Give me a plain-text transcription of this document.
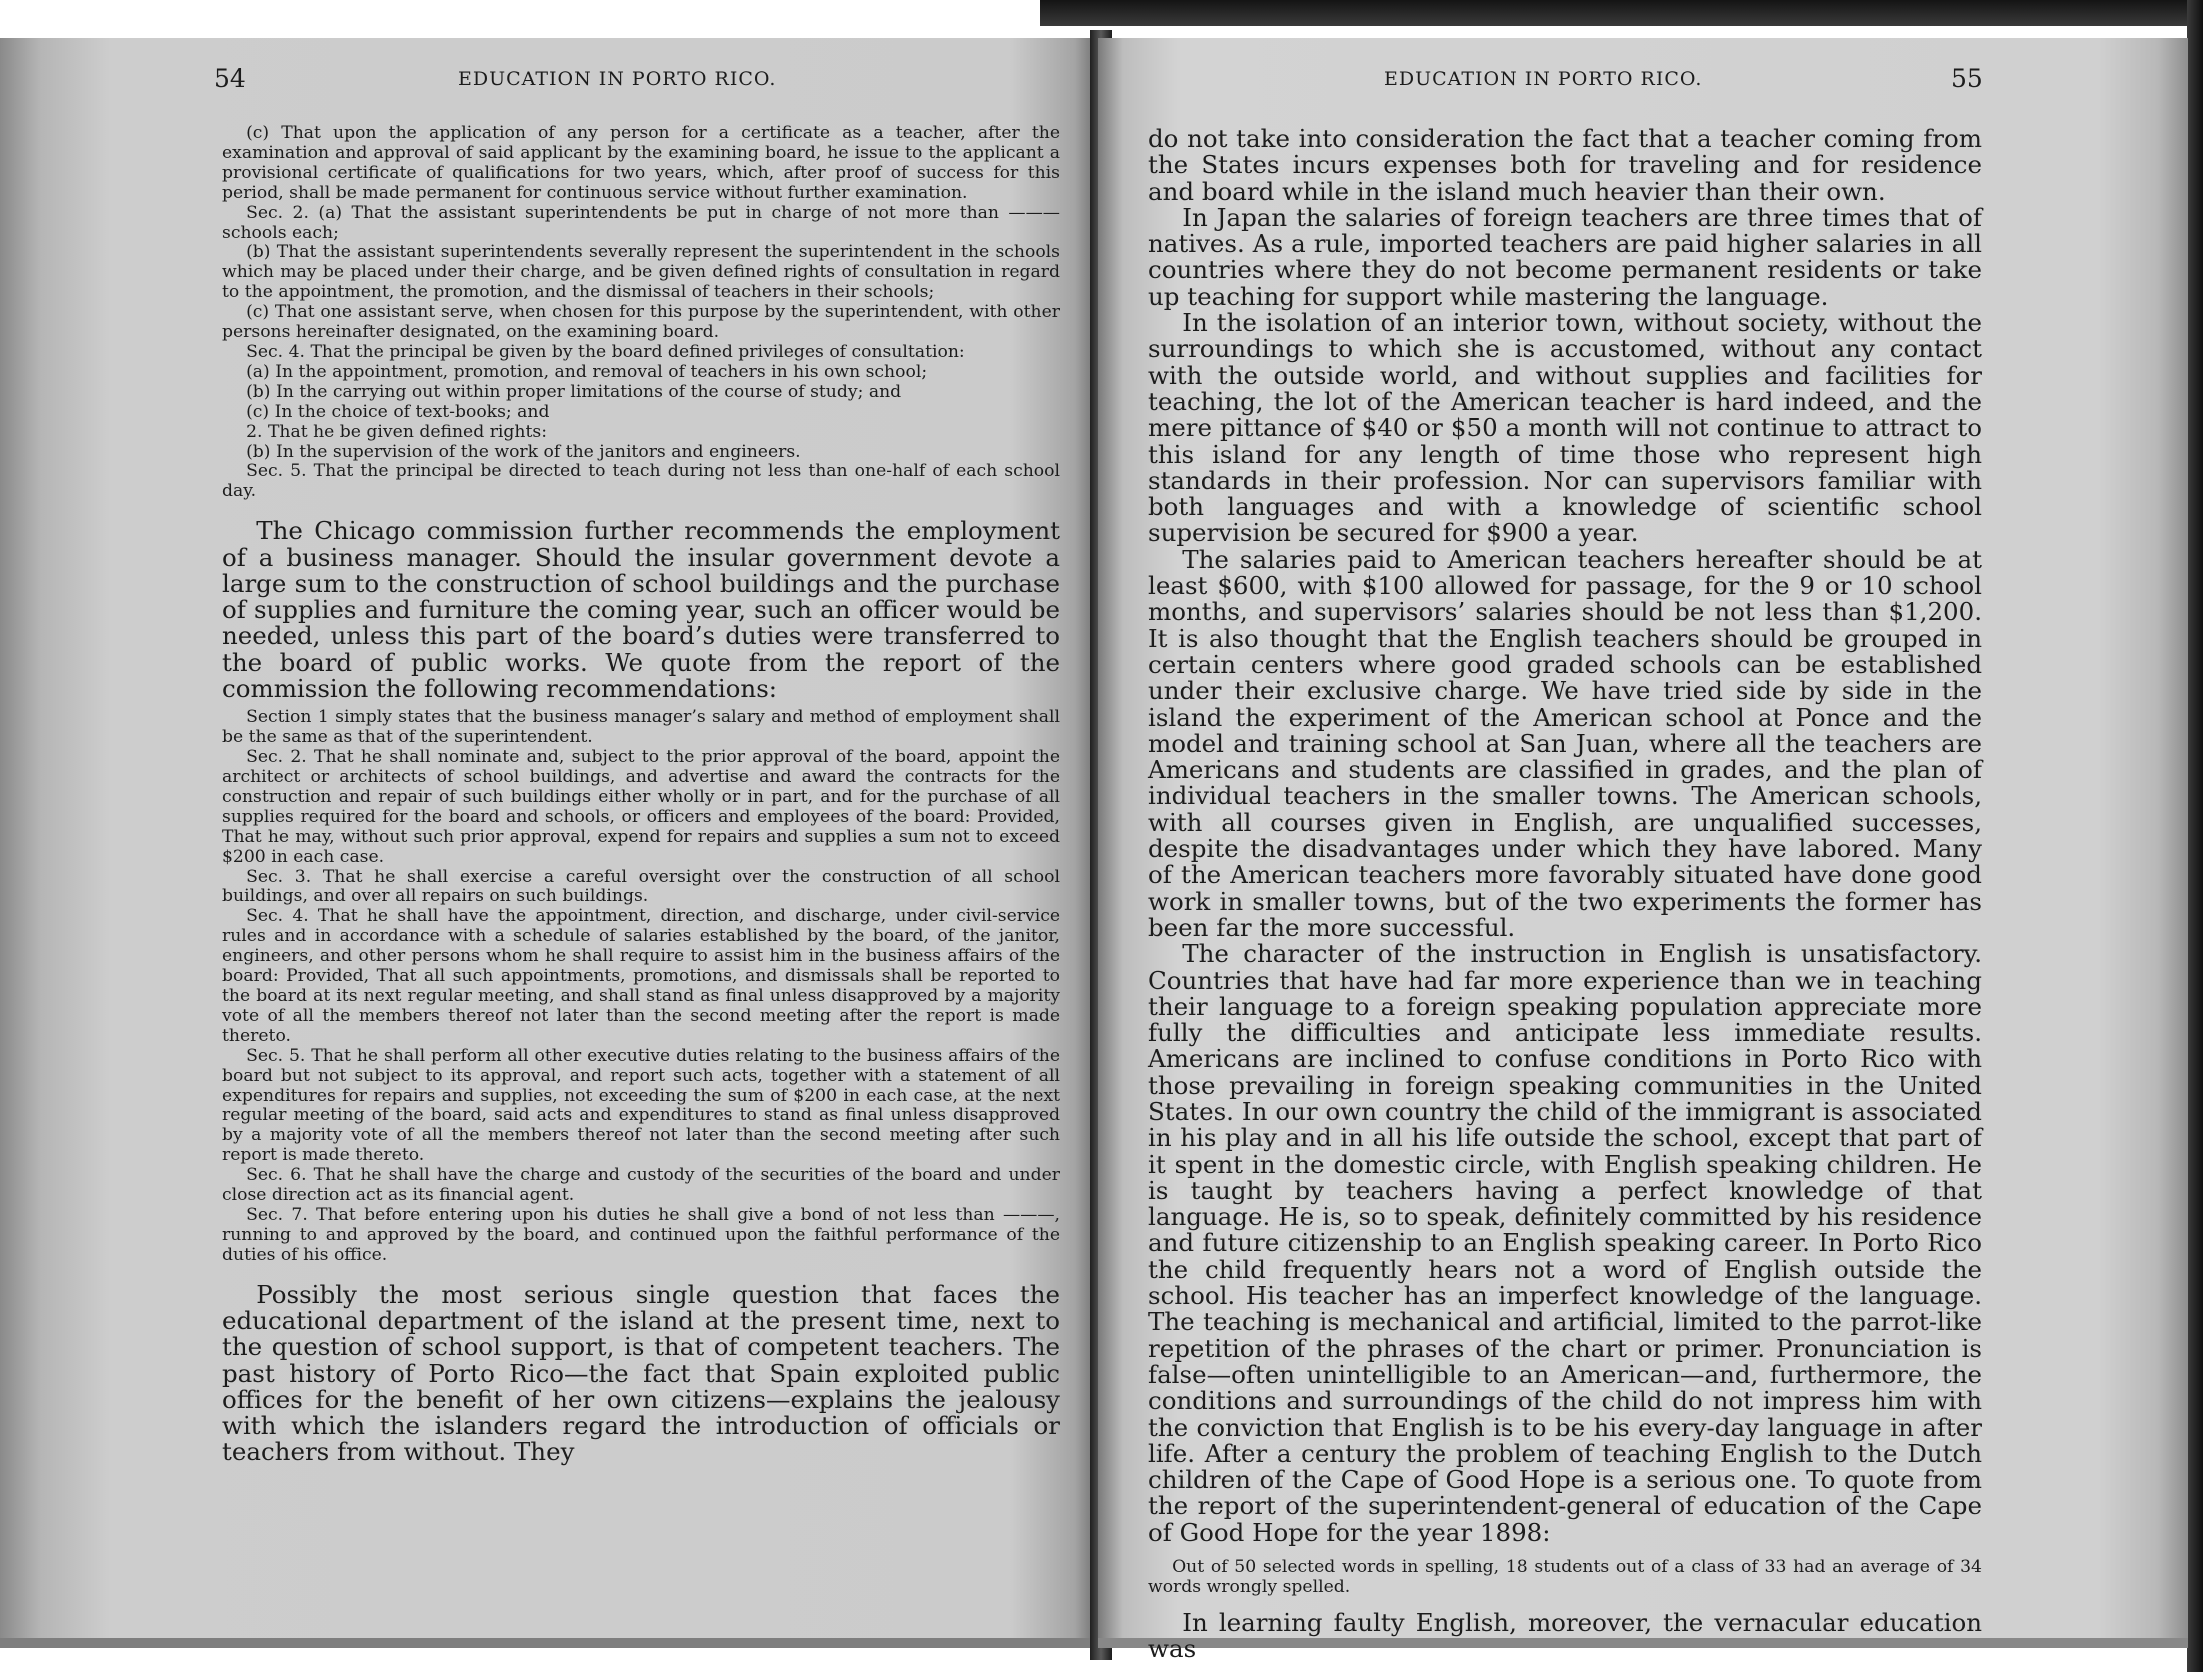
54	EDUCATION IN PORTO RICO.

(c) That upon the application of any person for a certificate as a teacher, after the examination and approval of said applicant by the examining board, he issue to the applicant a provisional certificate of qualifications for two years, which, after proof of success for this period, shall be made permanent for continuous service without further examination.

Sec. 2. (a) That the assistant superintendents be put in charge of not more than ——— schools each;

(b) That the assistant superintendents severally represent the superintendent in the schools which may be placed under their charge, and be given defined rights of consultation in regard to the appointment, the promotion, and the dismissal of teachers in their schools;

(c) That one assistant serve, when chosen for this purpose by the superintendent, with other persons hereinafter designated, on the examining board.

Sec. 4. That the principal be given by the board defined privileges of consultation:

(a) In the appointment, promotion, and removal of teachers in his own school;

(b) In the carrying out within proper limitations of the course of study; and

(c) In the choice of text-books; and

2. That he be given defined rights:

(b) In the supervision of the work of the janitors and engineers.

Sec. 5. That the principal be directed to teach during not less than one-half of each school day.

The Chicago commission further recommends the employment of a business manager. Should the insular government devote a large sum to the construction of school buildings and the purchase of supplies and furniture the coming year, such an officer would be needed, unless this part of the board’s duties were transferred to the board of public works. We quote from the report of the commission the following recommendations:

Section 1 simply states that the business manager’s salary and method of employment shall be the same as that of the superintendent.

Sec. 2. That he shall nominate and, subject to the prior approval of the board, appoint the architect or architects of school buildings, and advertise and award the contracts for the construction and repair of such buildings either wholly or in part, and for the purchase of all supplies required for the board and schools, or officers and employees of the board: Provided, That he may, without such prior approval, expend for repairs and supplies a sum not to exceed $200 in each case.

Sec. 3. That he shall exercise a careful oversight over the construction of all school buildings, and over all repairs on such buildings.

Sec. 4. That he shall have the appointment, direction, and discharge, under civil-service rules and in accordance with a schedule of salaries established by the board, of the janitor, engineers, and other persons whom he shall require to assist him in the business affairs of the board: Provided, That all such appointments, promotions, and dismissals shall be reported to the board at its next regular meeting, and shall stand as final unless disapproved by a majority vote of all the members thereof not later than the second meeting after the report is made thereto.

Sec. 5. That he shall perform all other executive duties relating to the business affairs of the board but not subject to its approval, and report such acts, together with a statement of all expenditures for repairs and supplies, not exceeding the sum of $200 in each case, at the next regular meeting of the board, said acts and expenditures to stand as final unless disapproved by a majority vote of all the members thereof not later than the second meeting after such report is made thereto.

Sec. 6. That he shall have the charge and custody of the securities of the board and under close direction act as its financial agent.

Sec. 7. That before entering upon his duties he shall give a bond of not less than ———, running to and approved by the board, and continued upon the faithful performance of the duties of his office.

Possibly the most serious single question that faces the educational department of the island at the present time, next to the question of school support, is that of competent teachers. The past history of Porto Rico—the fact that Spain exploited public offices for the benefit of her own citizens—explains the jealousy with which the islanders regard the introduction of officials or teachers from without. They

EDUCATION IN PORTO RICO.	55

do not take into consideration the fact that a teacher coming from the States incurs expenses both for traveling and for residence and board while in the island much heavier than their own.

In Japan the salaries of foreign teachers are three times that of natives. As a rule, imported teachers are paid higher salaries in all countries where they do not become permanent residents or take up teaching for support while mastering the language.

In the isolation of an interior town, without society, without the surroundings to which she is accustomed, without any contact with the outside world, and without supplies and facilities for teaching, the lot of the American teacher is hard indeed, and the mere pittance of $40 or $50 a month will not continue to attract to this island for any length of time those who represent high standards in their profession. Nor can supervisors familiar with both languages and with a knowledge of scientific school supervision be secured for $900 a year.

The salaries paid to American teachers hereafter should be at least $600, with $100 allowed for passage, for the 9 or 10 school months, and supervisors’ salaries should be not less than $1,200. It is also thought that the English teachers should be grouped in certain centers where good graded schools can be established under their exclusive charge. We have tried side by side in the island the experiment of the American school at Ponce and the model and training school at San Juan, where all the teachers are Americans and students are classified in grades, and the plan of individual teachers in the smaller towns. The American schools, with all courses given in English, are unqualified successes, despite the disadvantages under which they have labored. Many of the American teachers more favorably situated have done good work in smaller towns, but of the two experiments the former has been far the more successful.

The character of the instruction in English is unsatisfactory. Countries that have had far more experience than we in teaching their language to a foreign speaking population appreciate more fully the difficulties and anticipate less immediate results. Americans are inclined to confuse conditions in Porto Rico with those prevailing in foreign speaking communities in the United States. In our own country the child of the immigrant is associated in his play and in all his life outside the school, except that part of it spent in the domestic circle, with English speaking children. He is taught by teachers having a perfect knowledge of that language. He is, so to speak, definitely committed by his residence and future citizenship to an English speaking career. In Porto Rico the child frequently hears not a word of English outside the school. His teacher has an imperfect knowledge of the language. The teaching is mechanical and artificial, limited to the parrot-like repetition of the phrases of the chart or primer. Pronunciation is false—often unintelligible to an American—and, furthermore, the conditions and surroundings of the child do not impress him with the conviction that English is to be his every-day language in after life. After a century the problem of teaching English to the Dutch children of the Cape of Good Hope is a serious one. To quote from the report of the superintendent-general of education of the Cape of Good Hope for the year 1898:

Out of 50 selected words in spelling, 18 students out of a class of 33 had an average of 34 words wrongly spelled.

In learning faulty English, moreover, the vernacular education was
